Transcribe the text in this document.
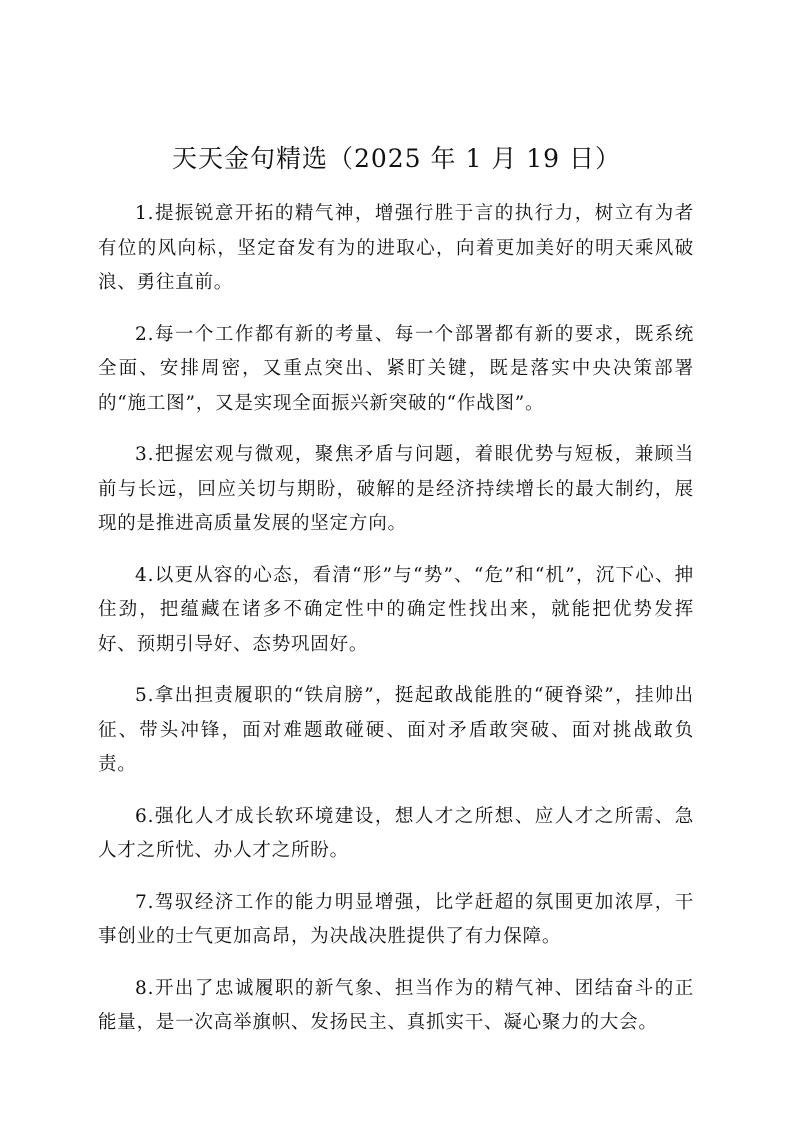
天天金句精选（2025 年 1 月 19 日）

1.提振锐意开拓的精气神，增强行胜于言的执行力，树立有为者有位的风向标，坚定奋发有为的进取心，向着更加美好的明天乘风破浪、勇往直前。

2.每一个工作都有新的考量、每一个部署都有新的要求，既系统全面、安排周密，又重点突出、紧盯关键，既是落实中央决策部署的“施工图”，又是实现全面振兴新突破的“作战图”。

3.把握宏观与微观，聚焦矛盾与问题，着眼优势与短板，兼顾当前与长远，回应关切与期盼，破解的是经济持续增长的最大制约，展现的是推进高质量发展的坚定方向。

4.以更从容的心态，看清“形”与“势”、“危”和“机”，沉下心、抻住劲，把蕴藏在诸多不确定性中的确定性找出来，就能把优势发挥好、预期引导好、态势巩固好。

5.拿出担责履职的“铁肩膀”，挺起敢战能胜的“硬脊梁”，挂帅出征、带头冲锋，面对难题敢碰硬、面对矛盾敢突破、面对挑战敢负责。

6.强化人才成长软环境建设，想人才之所想、应人才之所需、急人才之所忧、办人才之所盼。

7.驾驭经济工作的能力明显增强，比学赶超的氛围更加浓厚，干事创业的士气更加高昂，为决战决胜提供了有力保障。

8.开出了忠诚履职的新气象、担当作为的精气神、团结奋斗的正能量，是一次高举旗帜、发扬民主、真抓实干、凝心聚力的大会。
